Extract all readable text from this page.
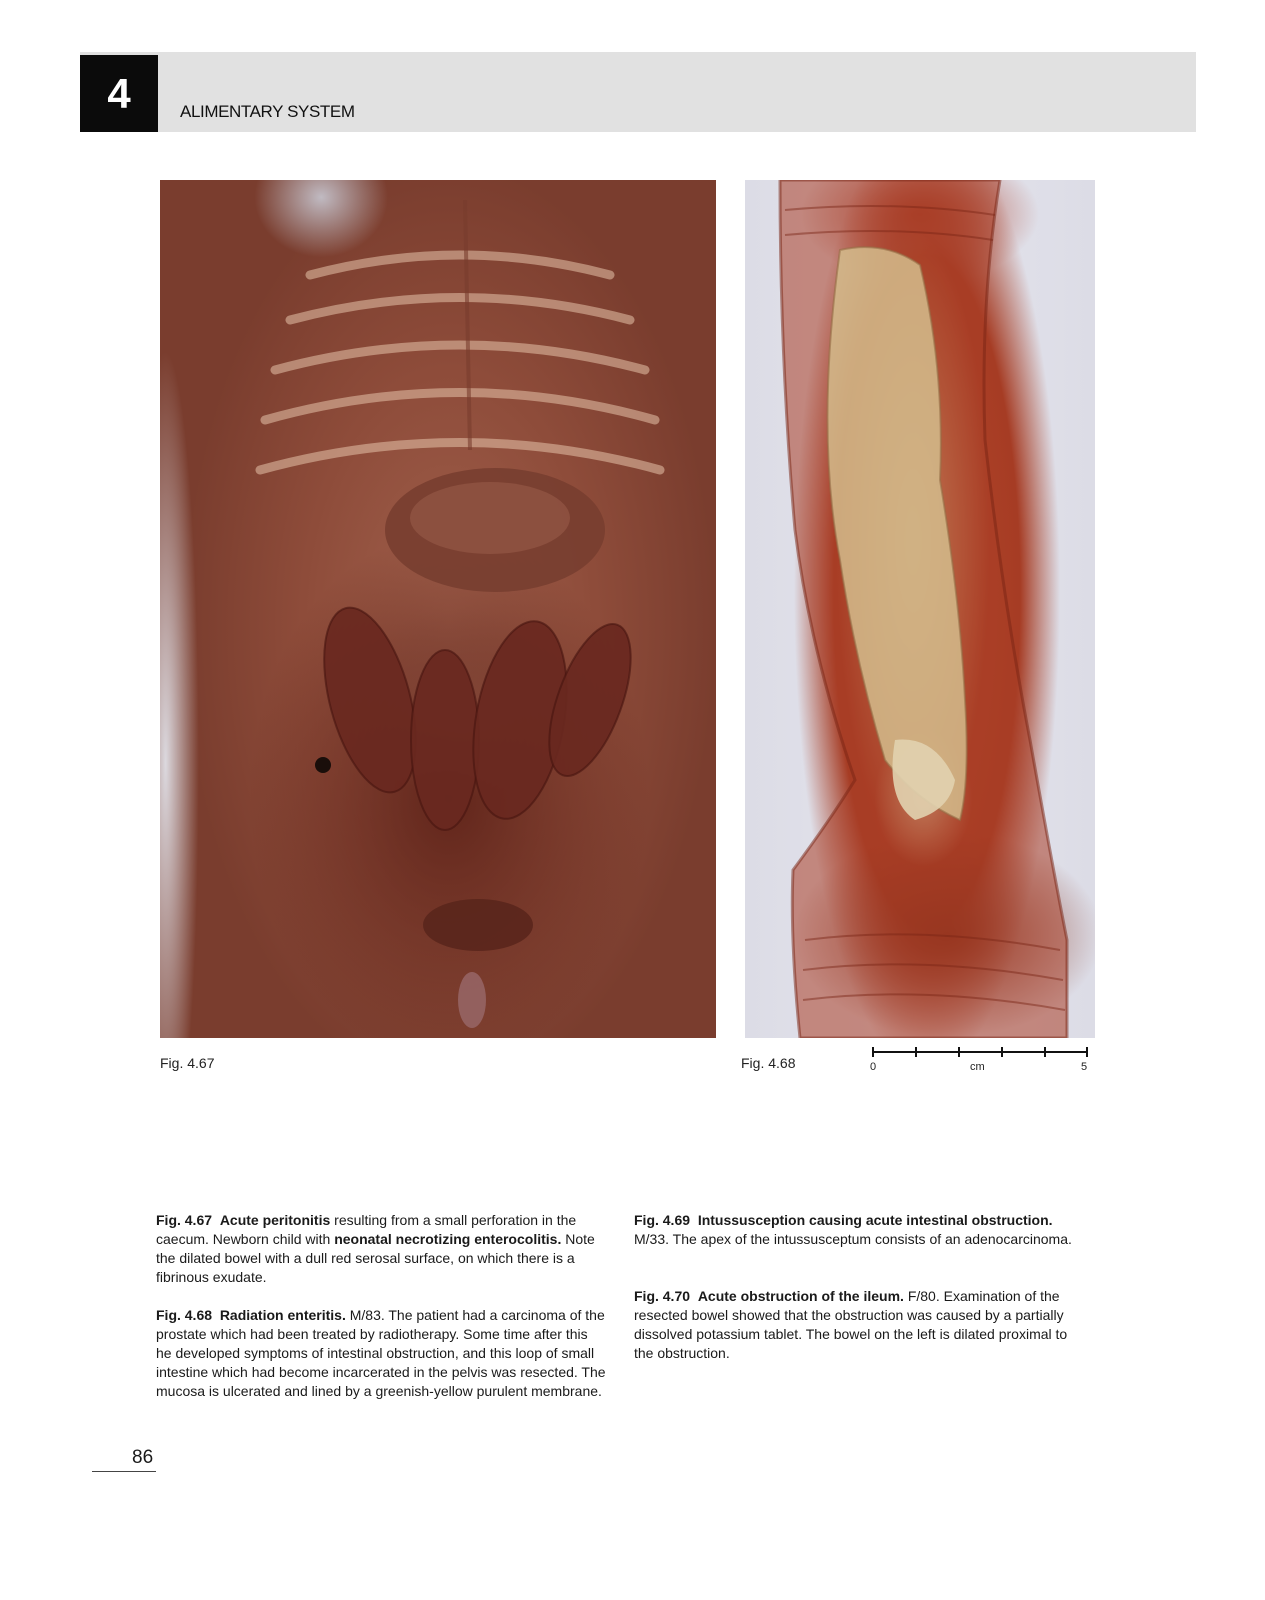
4	ALIMENTARY SYSTEM
Fig. 4.67	Fig. 4.68	0	cm	5

Fig. 4.67 Acute peritonitis resulting from a small perforation in the caecum. Newborn child with neonatal necrotizing enterocolitis. Note the dilated bowel with a dull red serosal surface, on which there is a fibrinous exudate.

Fig. 4.68 Radiation enteritis. M/83. The patient had a carcinoma of the prostate which had been treated by radiotherapy. Some time after this he developed symptoms of intestinal obstruction, and this loop of small intestine which had become incarcerated in the pelvis was resected. The mucosa is ulcerated and lined by a greenish-yellow purulent membrane.

Fig. 4.69 Intussusception causing acute intestinal obstruction. M/33. The apex of the intussusceptum consists of an adenocarcinoma.

Fig. 4.70 Acute obstruction of the ileum. F/80. Examination of the resected bowel showed that the obstruction was caused by a partially dissolved potassium tablet. The bowel on the left is dilated proximal to the obstruction.

86
